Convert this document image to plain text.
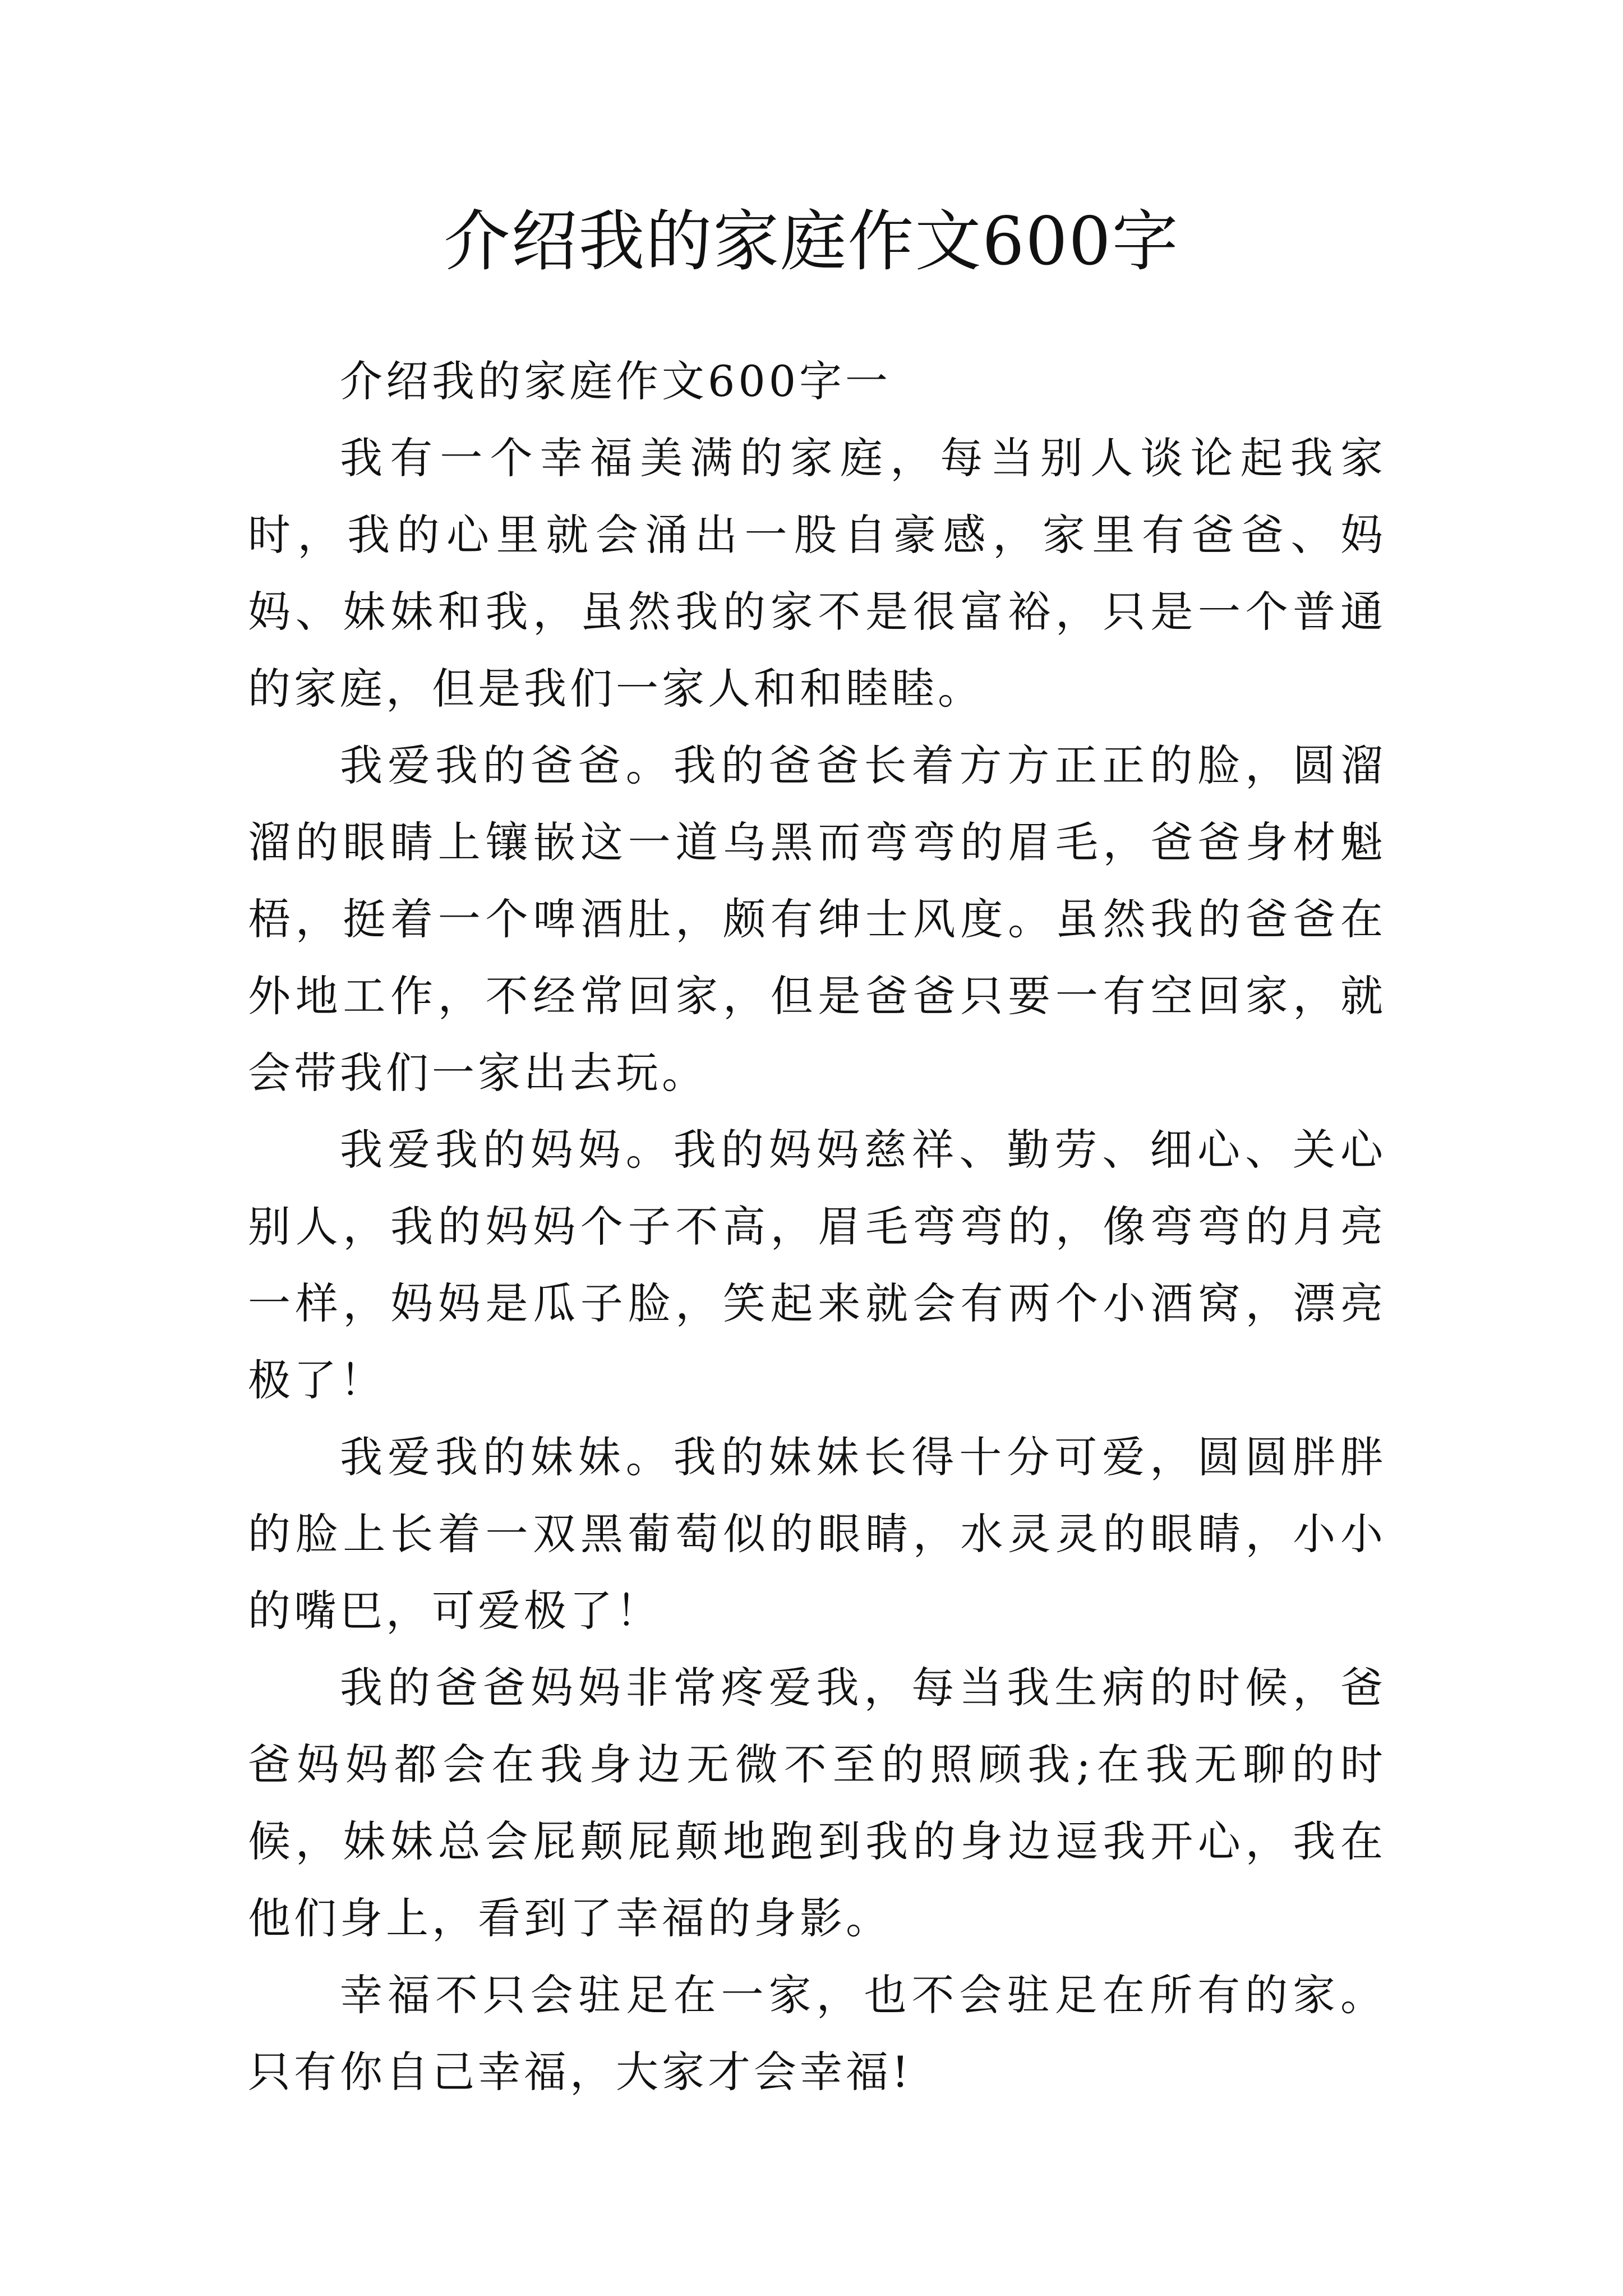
介绍我的家庭作文600字

介绍我的家庭作文600字一

我有一个幸福美满的家庭，每当别人谈论起我家时，我的心里就会涌出一股自豪感，家里有爸爸、妈妈、妹妹和我，虽然我的家不是很富裕，只是一个普通的家庭，但是我们一家人和和睦睦。

我爱我的爸爸。我的爸爸长着方方正正的脸，圆溜溜的眼睛上镶嵌这一道乌黑而弯弯的眉毛，爸爸身材魁梧，挺着一个啤酒肚，颇有绅士风度。虽然我的爸爸在外地工作，不经常回家，但是爸爸只要一有空回家，就会带我们一家出去玩。

我爱我的妈妈。我的妈妈慈祥、勤劳、细心、关心别人，我的妈妈个子不高，眉毛弯弯的，像弯弯的月亮一样，妈妈是瓜子脸，笑起来就会有两个小酒窝，漂亮极了！

我爱我的妹妹。我的妹妹长得十分可爱，圆圆胖胖的脸上长着一双黑葡萄似的眼睛，水灵灵的眼睛，小小的嘴巴，可爱极了！

我的爸爸妈妈非常疼爱我，每当我生病的时候，爸爸妈妈都会在我身边无微不至的照顾我;在我无聊的时候，妹妹总会屁颠屁颠地跑到我的身边逗我开心，我在他们身上，看到了幸福的身影。

幸福不只会驻足在一家，也不会驻足在所有的家。只有你自己幸福，大家才会幸福!
